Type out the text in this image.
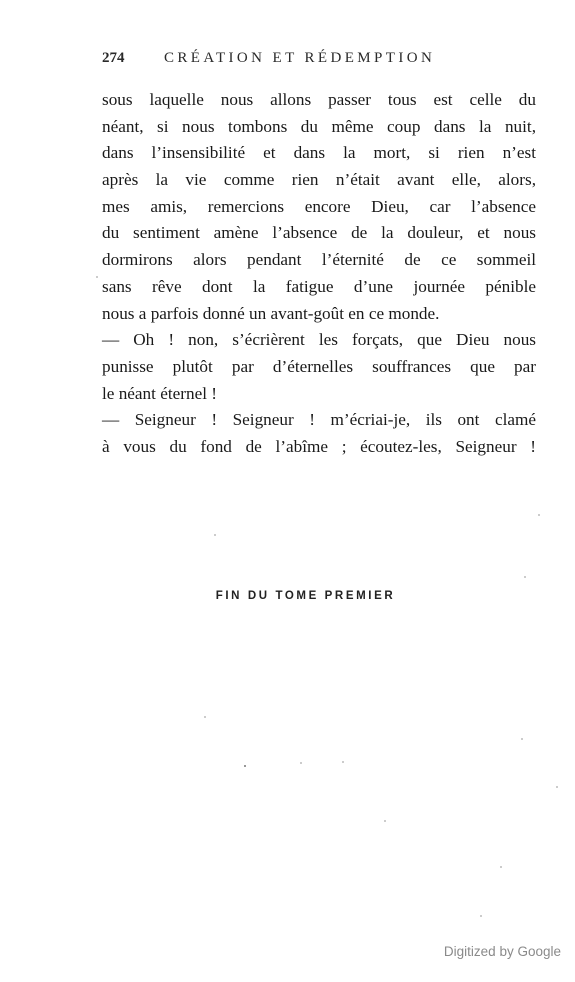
274	CRÉATION ET RÉDEMPTION
sous laquelle nous allons passer tous est celle du
néant, si nous tombons du même coup dans la nuit,
dans l’insensibilité et dans la mort, si rien n’est
après la vie comme rien n’était avant elle, alors,
mes amis, remercions encore Dieu, car l’absence
du sentiment amène l’absence de la douleur, et nous
dormirons alors pendant l’éternité de ce sommeil
sans rêve dont la fatigue d’une journée pénible
nous a parfois donné un avant-goût en ce monde.
— Oh ! non, s’écrièrent les forçats, que Dieu nous
punisse plutôt par d’éternelles souffrances que par
le néant éternel !
— Seigneur ! Seigneur ! m’écriai-je, ils ont clamé
à vous du fond de l’abîme ; écoutez-les, Seigneur !
FIN DU TOME PREMIER
Digitized by Google
